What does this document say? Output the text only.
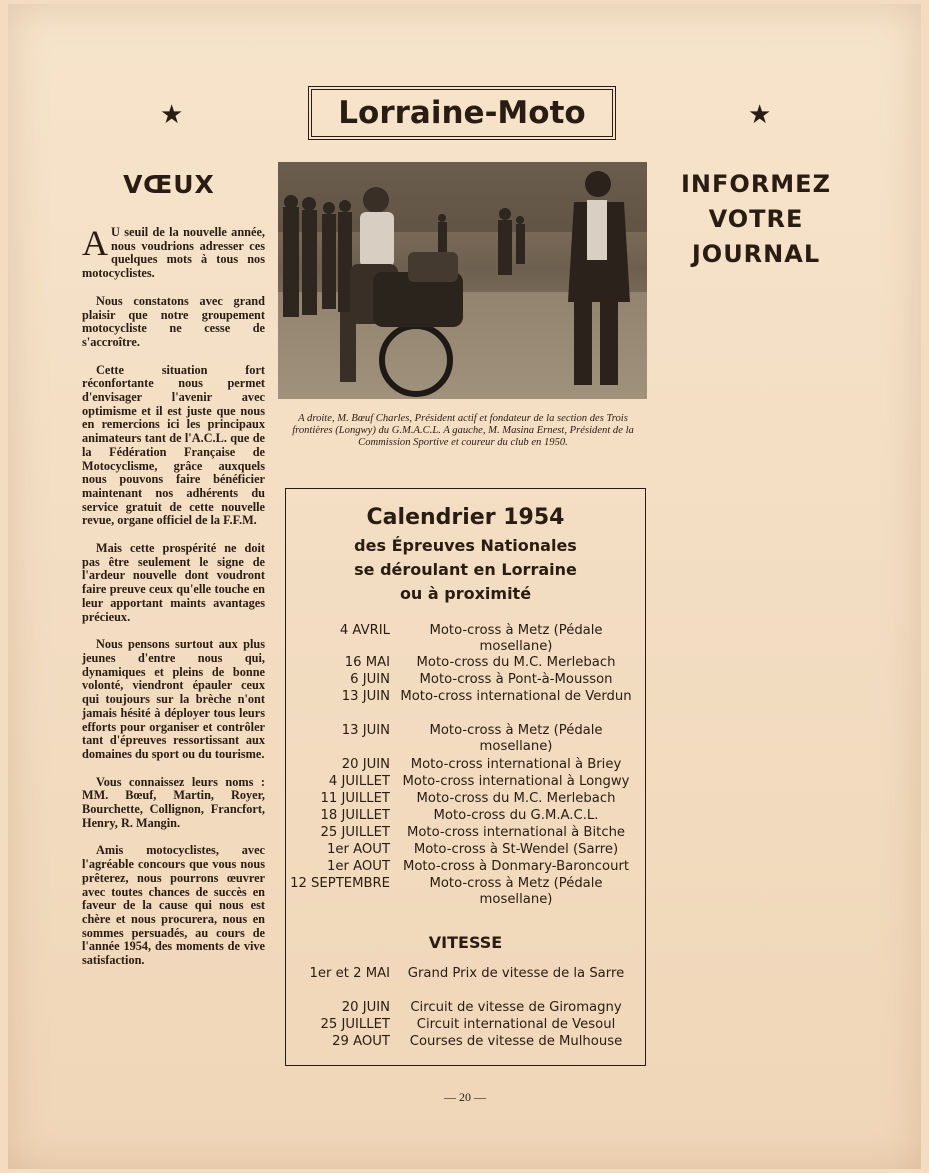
★	★
Lorraine-Moto
VŒUX	INFORMEZ
VOTRE
JOURNAL

A U seuil de la nouvelle année, nous voudrions adresser ces quelques mots à tous nos motocyclistes.

Nous constatons avec grand plaisir que notre groupement motocycliste ne cesse de s'accroître.

Cette situation fort réconfortante nous permet d'envisager l'avenir avec optimisme et il est juste que nous en remercions ici les principaux animateurs tant de l'A.C.L. que de la Fédération Française de Motocyclisme, grâce auxquels nous pouvons faire bénéficier maintenant nos adhérents du service gratuit de cette nouvelle revue, organe officiel de la F.F.M.

Mais cette prospérité ne doit pas être seulement le signe de l'ardeur nouvelle dont voudront faire preuve ceux qu'elle touche en leur apportant maints avantages précieux.

Nous pensons surtout aux plus jeunes d'entre nous qui, dynamiques et pleins de bonne volonté, viendront épauler ceux qui toujours sur la brèche n'ont jamais hésité à déployer tous leurs efforts pour organiser et contrôler tant d'épreuves ressortissant aux domaines du sport ou du tourisme.

Vous connaissez leurs noms : MM. Bœuf, Martin, Royer, Bourchette, Collignon, Francfort, Henry, R. Mangin.

Amis motocyclistes, avec l'agréable concours que vous nous prêterez, nous pourrons œuvrer avec toutes chances de succès en faveur de la cause qui nous est chère et nous procurera, nous en sommes persuadés, au cours de l'année 1954, des moments de vive satisfaction.

A droite, M. Bœuf Charles, Président actif et fondateur de la section des Trois frontières (Longwy) du G.M.A.C.L. A gauche, M. Masina Ernest, Président de la Commission Sportive et coureur du club en 1950.
Calendrier 1954
des Épreuves Nationales
se déroulant en Lorraine
ou à proximité
4 AVRIL	Moto-cross à Metz (Pédale mosellane)
16 MAI	Moto-cross du M.C. Merlebach
6 JUIN	Moto-cross à Pont-à-Mousson
13 JUIN Moto-cross international de Verdun
13 JUIN	Moto-cross à Metz (Pédale mosellane)
20 JUIN	Moto-cross international à Briey
4 JUILLET Moto-cross international à Longwy
11 JUILLET	Moto-cross du M.C. Merlebach
18 JUILLET	Moto-cross du G.M.A.C.L.
25 JUILLET	Moto-cross international à Bitche
1er AOUT	Moto-cross à St-Wendel (Sarre)
1er AOUT Moto-cross à Donmary-Baroncourt
12 SEPTEMBRE	Moto-cross à Metz (Pédale mosellane)
VITESSE
1er et 2 MAI	Grand Prix de vitesse de la Sarre
20 JUIN	Circuit de vitesse de Giromagny
25 JUILLET	Circuit international de Vesoul
29 AOUT	Courses de vitesse de Mulhouse
— 20 —
